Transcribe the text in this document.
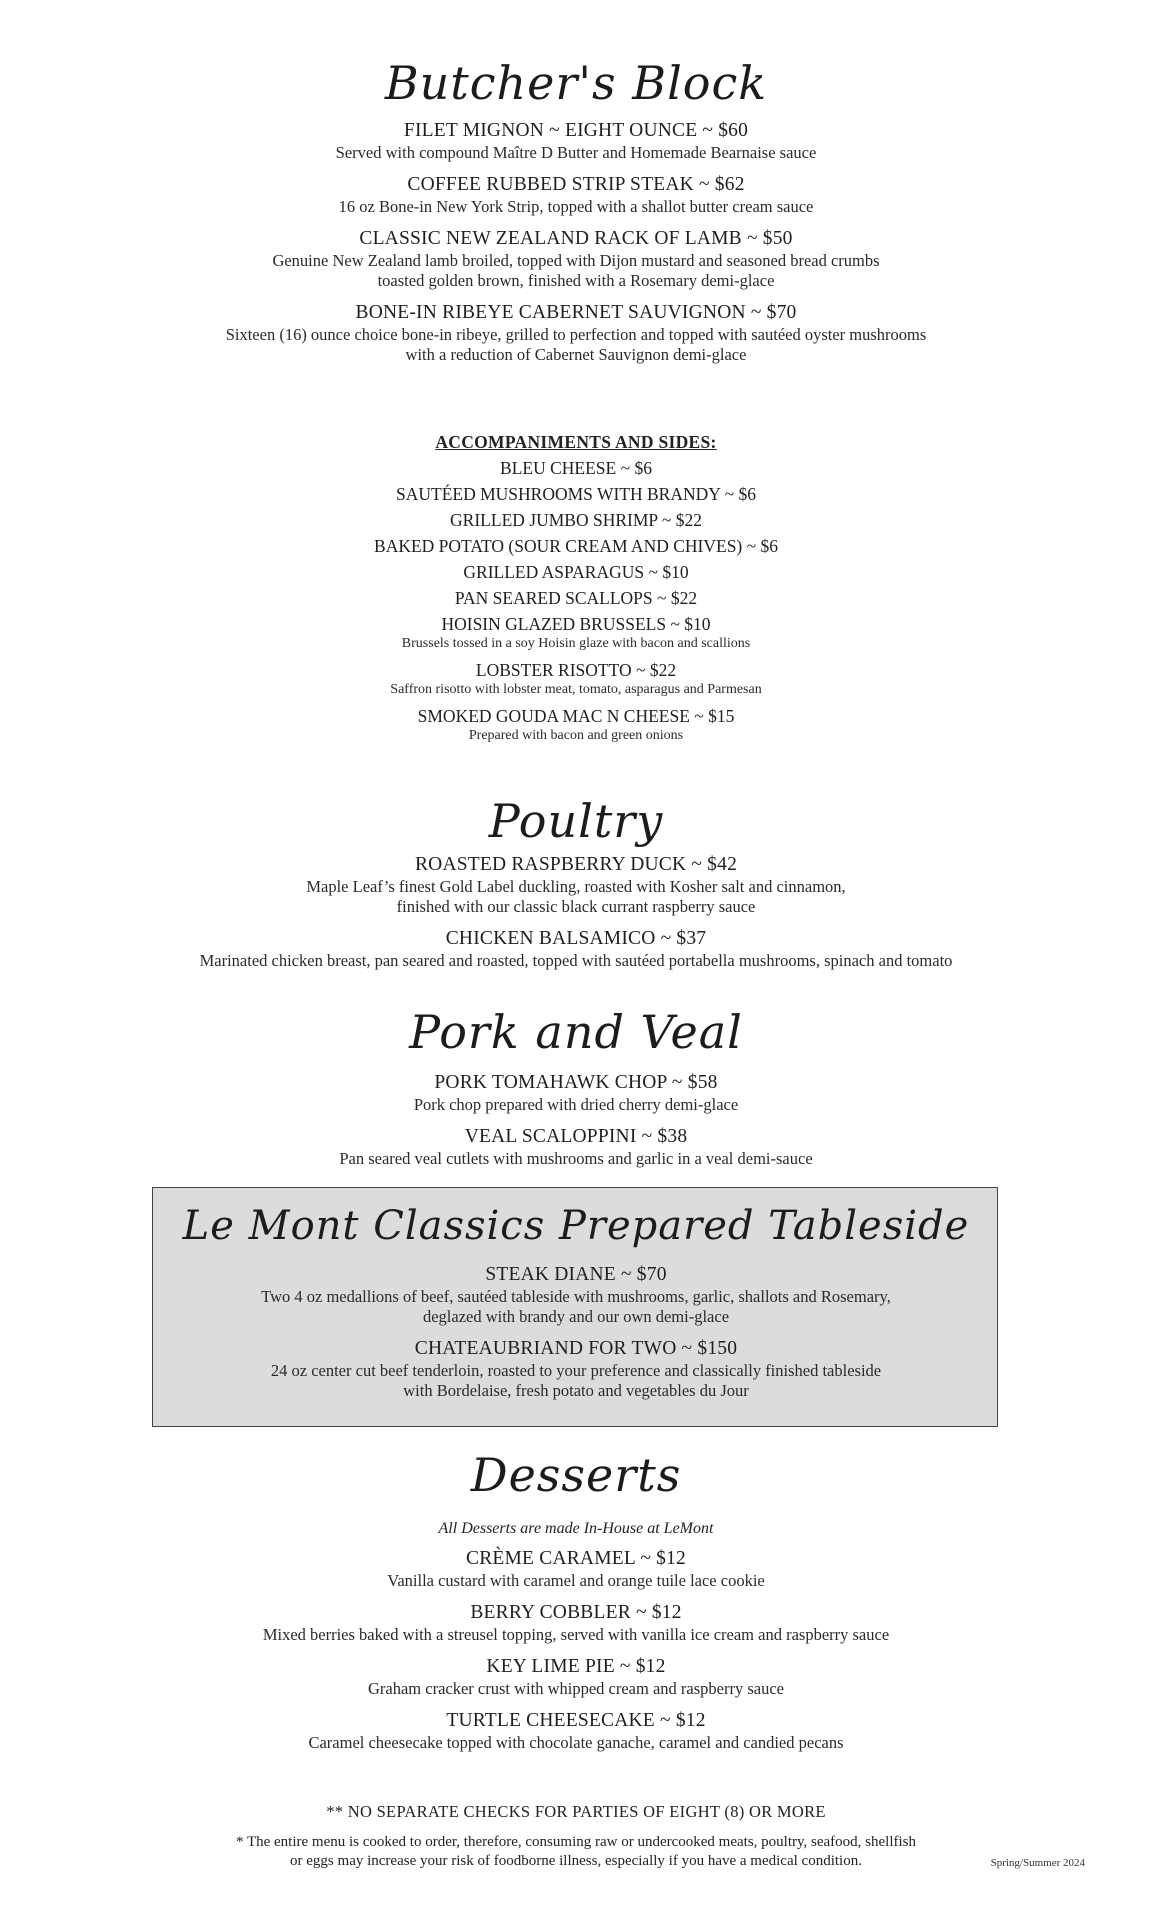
Butcher's Block
FILET MIGNON ~ EIGHT OUNCE ~ $60
Served with compound Maître D Butter and Homemade Bearnaise sauce
COFFEE RUBBED STRIP STEAK ~ $62
16 oz Bone-in New York Strip, topped with a shallot butter cream sauce
CLASSIC NEW ZEALAND RACK OF LAMB ~ $50
Genuine New Zealand lamb broiled, topped with Dijon mustard and seasoned bread crumbs
toasted golden brown, finished with a Rosemary demi-glace
BONE-IN RIBEYE CABERNET SAUVIGNON ~ $70
Sixteen (16) ounce choice bone-in ribeye, grilled to perfection and topped with sautéed oyster mushrooms
with a reduction of Cabernet Sauvignon demi-glace
ACCOMPANIMENTS AND SIDES:
BLEU CHEESE ~ $6
SAUTÉED MUSHROOMS WITH BRANDY ~ $6
GRILLED JUMBO SHRIMP ~ $22
BAKED POTATO (SOUR CREAM AND CHIVES) ~ $6
GRILLED ASPARAGUS ~ $10
PAN SEARED SCALLOPS ~ $22
HOISIN GLAZED BRUSSELS ~ $10
Brussels tossed in a soy Hoisin glaze with bacon and scallions
LOBSTER RISOTTO ~ $22
Saffron risotto with lobster meat, tomato, asparagus and Parmesan
SMOKED GOUDA MAC N CHEESE ~ $15
Prepared with bacon and green onions
Poultry
ROASTED RASPBERRY DUCK ~ $42
Maple Leaf’s finest Gold Label duckling, roasted with Kosher salt and cinnamon,
finished with our classic black currant raspberry sauce
CHICKEN BALSAMICO ~ $37
Marinated chicken breast, pan seared and roasted, topped with sautéed portabella mushrooms, spinach and tomato
Pork and Veal
PORK TOMAHAWK CHOP ~ $58
Pork chop prepared with dried cherry demi-glace
VEAL SCALOPPINI ~ $38
Pan seared veal cutlets with mushrooms and garlic in a veal demi-sauce
Le Mont Classics Prepared Tableside
STEAK DIANE ~ $70
Two 4 oz medallions of beef, sautéed tableside with mushrooms, garlic, shallots and Rosemary,
deglazed with brandy and our own demi-glace
CHATEAUBRIAND FOR TWO ~ $150
24 oz center cut beef tenderloin, roasted to your preference and classically finished tableside
with Bordelaise, fresh potato and vegetables du Jour
Desserts
All Desserts are made In-House at LeMont
CRÈME CARAMEL ~ $12
Vanilla custard with caramel and orange tuile lace cookie
BERRY COBBLER ~ $12
Mixed berries baked with a streusel topping, served with vanilla ice cream and raspberry sauce
KEY LIME PIE ~ $12
Graham cracker crust with whipped cream and raspberry sauce
TURTLE CHEESECAKE ~ $12
Caramel cheesecake topped with chocolate ganache, caramel and candied pecans
** NO SEPARATE CHECKS FOR PARTIES OF EIGHT (8) OR MORE
* The entire menu is cooked to order, therefore, consuming raw or undercooked meats, poultry, seafood, shellfish
or eggs may increase your risk of foodborne illness, especially if you have a medical condition.	Spring/Summer 2024
